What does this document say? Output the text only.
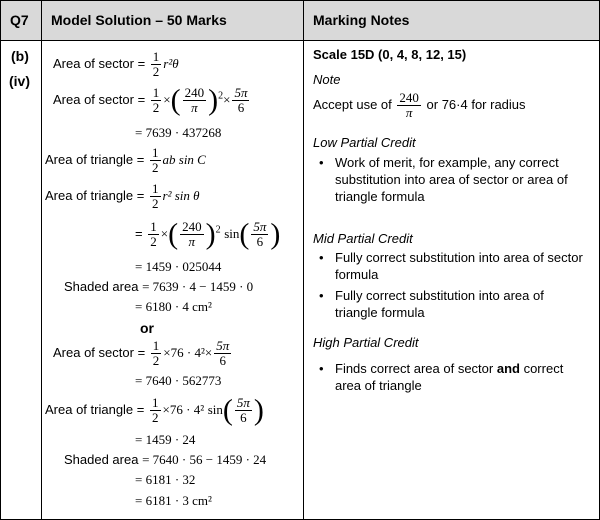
Q7	Model Solution – 50 Marks	Marking Notes
(b)
(iv)
Area of sector = $\frac{1}{2} r^2\theta$
Area of sector = $\frac{1}{2}$ ×( $\frac{240}{\pi} )^2\times \frac{5\pi}{6}$
= 7639 · 437268
Area of triangle = $\frac{1}{2}$ ab sin C
Area of triangle = $\frac{1}{2} r^2$ sin θ
= $\frac{1}{2}$ ×( $\frac{240}{\pi} )^2$ $\sin( \frac{5\pi}{6}$ )
= 1459 · 025044
Shaded area = 7639 · 4 − 1459 · 0
= 6180 · 4 cm²
or
Area of sector = $\frac{1}{2} \times 76 \cdot 4^2\times \frac{5\pi}{6}$
= 7640 · 562773
Area of triangle = $\frac{1}{2} \times 76 \cdot 4^2$ $\sin( \frac{5\pi}{6}$ )
= 1459 · 24
Shaded area = 7640 · 56 − 1459 · 24
= 6181 · 32
= 6181 · 3 cm²
Scale 15D (0, 4, 8, 12, 15)
Note
Accept use of $\frac{240}{\pi}$ or 76·4 for radius
Low Partial Credit
• Work of merit, for example, any correct substitution into area of sector or area of triangle formula
Mid Partial Credit
• Fully correct substitution into area of sector formula
• Fully correct substitution into area of triangle formula
High Partial Credit
• Finds correct area of sector and correct area of triangle
